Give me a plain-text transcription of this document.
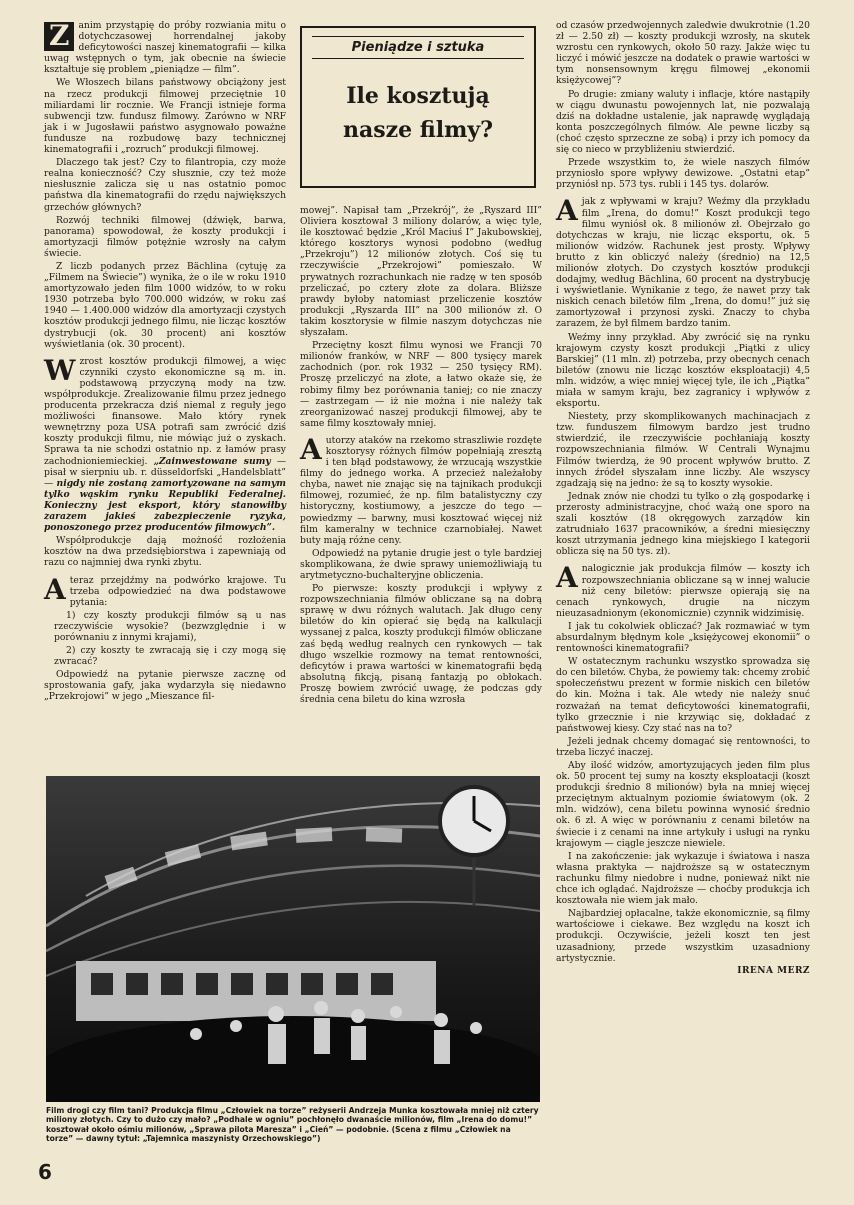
Z anim przystąpię do próby rozwiania mitu o dotychczasowej horrendalnej jakoby deficytowości naszej kinematografii — kilka uwag wstępnych o tym, jak obecnie na świecie kształtuje się problem „pieniądze — film”.

We Włoszech bilans państwowy obciążony jest na rzecz produkcji filmowej przeciętnie 10 miliardami lir rocznie. We Francji istnieje forma subwencji tzw. fundusz filmowy. Zarówno w NRF jak i w Jugosławii państwo asygnowało poważne fundusze na rozbudowę bazy technicznej kinematografii i „rozruch” produkcji filmowej.

Dlaczego tak jest? Czy to filantropia, czy może realna konieczność? Czy słusznie, czy też może niesłusznie zalicza się u nas ostatnio pomoc państwa dla kinematografii do rzędu największych grzechów głównych?

Rozwój techniki filmowej (dźwięk, barwa, panorama) spowodował, że koszty produkcji i amortyzacji filmów potężnie wzrosły na całym świecie.

Z liczb podanych przez Bächlina (cytuję za „Filmem na Świecie”) wynika, że o ile w roku 1910 amortyzowało jeden film 1000 widzów, to w roku 1930 potrzeba było 700.000 widzów, w roku zaś 1940 — 1.400.000 widzów dla amortyzacji czystych kosztów produkcji jednego filmu, nie licząc kosztów dystrybucji (ok. 30 procent) ani kosztów wyświetlania (ok. 30 procent).

Wzrost kosztów produkcji filmowej, a więc czynniki czysto ekonomiczne są m. in. podstawową przyczyną mody na tzw. współprodukcje. Zrealizowanie filmu przez jednego producenta przekracza dziś niemal z reguły jego możliwości finansowe. Mało który rynek wewnętrzny poza USA potrafi sam zwrócić dziś koszty produkcji filmu, nie mówiąc już o zyskach. Sprawa ta nie schodzi ostatnio np. z łamów prasy zachodnioniemieckiej. „Zainwestowane sumy — pisał w sierpniu ub. r. düsseldorfski „Handelsblatt” — nigdy nie zostaną zamortyzowane na samym tylko wąskim rynku Republiki Federalnej. Konieczny jest eksport, który stanowiłby zarazem jakieś zabezpieczenie ryzyka, ponoszonego przez producentów filmowych”.

Współprodukcje dają możność rozłożenia kosztów na dwa przedsiębiorstwa i zapewniają od razu co najmniej dwa rynki zbytu.

Ateraz przejdźmy na podwórko krajowe. Tu trzeba odpowiedzieć na dwa podstawowe pytania:

1) czy koszty produkcji filmów są u nas rzeczywiście wysokie? (bezwzględnie i w porównaniu z innymi krajami),

2) czy koszty te zwracają się i czy mogą się zwracać?

Odpowiedź na pytanie pierwsze zacznę od sprostowania gafy, jaka wydarzyła się niedawno „Przekrojowi” w jego „Mieszance fil-

Pieniądze i sztuka
Ile kosztują
nasze filmy?

mowej”. Napisał tam „Przekrój”, że „Ryszard III” Oliviera kosztował 3 miliony dolarów, a więc tyle, ile kosztować będzie „Król Maciuś I” Jakubowskiej, którego kosztorys wynosi podobno (według „Przekroju”) 12 milionów złotych. Coś się tu rzeczywiście „Przekrojowi” pomieszało. W prywatnych rozrachunkach nie radzę w ten sposób przeliczać, po cztery złote za dolara. Bliższe prawdy byłoby natomiast przeliczenie kosztów produkcji „Ryszarda III” na 300 milionów zł. O takim kosztorysie w filmie naszym dotychczas nie słyszałam.

Przeciętny koszt filmu wynosi we Francji 70 milionów franków, w NRF — 800 tysięcy marek zachodnich (por. rok 1932 — 250 tysięcy RM). Proszę przeliczyć na złote, a łatwo okaże się, że robimy filmy bez porównania taniej; co nie znaczy — zastrzegam — iż nie można i nie należy tak zreorganizować naszej produkcji filmowej, aby te same filmy kosztowały mniej.

Autorzy ataków na rzekomo straszliwie rozdęte kosztorysy różnych filmów popełniają zresztą i ten błąd podstawowy, że wrzucają wszystkie filmy do jednego worka. A przecież należałoby chyba, nawet nie znając się na tajnikach produkcji filmowej, rozumieć, że np. film batalistyczny czy historyczny, kostiumowy, a jeszcze do tego — powiedzmy — barwny, musi kosztować więcej niż film kameralny w technice czarnobiałej. Nawet buty mają różne ceny.

Odpowiedź na pytanie drugie jest o tyle bardziej skomplikowana, że dwie sprawy uniemożliwiają tu arytmetyczno-buchalteryjne obliczenia.

Po pierwsze: koszty produkcji i wpływy z rozpowszechniania filmów obliczane są na dobrą sprawę w dwu różnych walutach. Jak długo ceny biletów do kin opierać się będą na kalkulacji wyssanej z palca, koszty produkcji filmów obliczane zaś będą według realnych cen rynkowych — tak długo wszelkie rozmowy na temat rentowności, deficytów i prawa wartości w kinematografii będą absolutną fikcją, pisaną fantazją po obłokach. Proszę bowiem zwrócić uwagę, że podczas gdy średnia cena biletu do kina wzrosła

od czasów przedwojennych zaledwie dwukrotnie (1.20 zł — 2.50 zł) — koszty produkcji wzrosły, na skutek wzrostu cen rynkowych, około 50 razy. Jakże więc tu liczyć i mówić jeszcze na dodatek o prawie wartości w tym nonsensownym kręgu filmowej „ekonomii księżycowej”?

Po drugie: zmiany waluty i inflacje, które nastąpiły w ciągu dwunastu powojennych lat, nie pozwalają dziś na dokładne ustalenie, jak naprawdę wyglądają konta poszczególnych filmów. Ale pewne liczby są (choć często sprzeczne ze sobą) i przy ich pomocy da się co nieco w przybliżeniu stwierdzić.

Przede wszystkim to, że wiele naszych filmów przyniosło spore wpływy dewizowe. „Ostatni etap” przyniósł np. 573 tys. rubli i 145 tys. dolarów.

Ajak z wpływami w kraju? Weźmy dla przykładu film „Irena, do domu!” Koszt produkcji tego filmu wyniósł ok. 8 milionów zł. Obejrzało go dotychczas w kraju, nie licząc eksportu, ok. 5 milionów widzów. Rachunek jest prosty. Wpływy brutto z kin obliczyć należy (średnio) na 12,5 milionów złotych. Do czystych kosztów produkcji dodajmy, według Bächlina, 60 procent na dystrybucję i wyświetlanie. Wynikanie z tego, że nawet przy tak niskich cenach biletów film „Irena, do domu!” już się zamortyzował i przynosi zyski. Znaczy to chyba zarazem, że był filmem bardzo tanim.

Weźmy inny przykład. Aby zwrócić się na rynku krajowym czysty koszt produkcji „Piątki z ulicy Barskiej” (11 mln. zł) potrzeba, przy obecnych cenach biletów (znowu nie licząc kosztów eksploatacji) 4,5 mln. widzów, a więc mniej więcej tyle, ile ich „Piątka” miała w samym kraju, bez zagranicy i wpływów z eksportu.

Niestety, przy skomplikowanych machinacjach z tzw. funduszem filmowym bardzo jest trudno stwierdzić, ile rzeczywiście pochłaniają koszty rozpowszechniania filmów. W Centrali Wynajmu Filmów twierdzą, że 90 procent wpływów brutto. Z innych źródeł słyszałam inne liczby. Ale wszyscy zgadzają się na jedno: że są to koszty wysokie.

Jednak znów nie chodzi tu tylko o złą gospodarkę i przerosty administracyjne, choć ważą one sporo na szali kosztów (18 okręgowych zarządów kin zatrudniało 1637 pracowników, a średni miesięczny koszt utrzymania jednego kina miejskiego I kategorii oblicza się na 50 tys. zł).

Analogicznie jak produkcja filmów — koszty ich rozpowszechniania obliczane są w innej walucie niż ceny biletów: pierwsze opierają się na cenach rynkowych, drugie na niczym nieuzasadnionym (ekonomicznie) czynnik widzimisię.

I jak tu cokolwiek obliczać? Jak rozmawiać w tym absurdalnym błędnym kole „księżycowej ekonomii” o rentowności kinematografii?

W ostatecznym rachunku wszystko sprowadza się do cen biletów. Chyba, że powiemy tak: chcemy zrobić społeczeństwu prezent w formie niskich cen biletów do kin. Można i tak. Ale wtedy nie należy snuć rozważań na temat deficytowości kinematografii, tylko grzecznie i nie krzywiąc się, dokładać z państwowej kiesy. Czy stać nas na to?

Jeżeli jednak chcemy domagać się rentowności, to trzeba liczyć inaczej.

Aby ilość widzów, amortyzujących jeden film plus ok. 50 procent tej sumy na koszty eksploatacji (koszt produkcji średnio 8 milionów) była na mniej więcej przeciętnym aktualnym poziomie światowym (ok. 2 mln. widzów), cena biletu powinna wynosić średnio ok. 6 zł. A więc w porównaniu z cenami biletów na świecie i z cenami na inne artykuły i usługi na rynku krajowym — ciągle jeszcze niewiele.

I na zakończenie: jak wykazuje i światowa i nasza własna praktyka — najdroższe są w ostatecznym rachunku filmy niedobre i nudne, ponieważ nikt nie chce ich oglądać. Najdroższe — choćby produkcja ich kosztowała nie wiem jak mało.

Najbardziej opłacalne, także ekonomicznie, są filmy wartościowe i ciekawe. Bez względu na koszt ich produkcji. Oczywiście, jeżeli koszt ten jest uzasadniony, przede wszystkim uzasadniony artystycznie.

IRENA MERZ
Film drogi czy film tani? Produkcja filmu „Człowiek na torze” reżyserii Andrzeja Munka kosztowała mniej niż cztery miliony złotych. Czy to dużo czy mało? „Podhale w ogniu” pochłonęło dwanaście milionów, film „Irena do domu!” kosztował około ośmiu milionów, „Sprawa pilota Maresza” i „Cień” — podobnie. (Scena z filmu „Człowiek na torze” — dawny tytuł: „Tajemnica maszynisty Orzechowskiego”)
6
